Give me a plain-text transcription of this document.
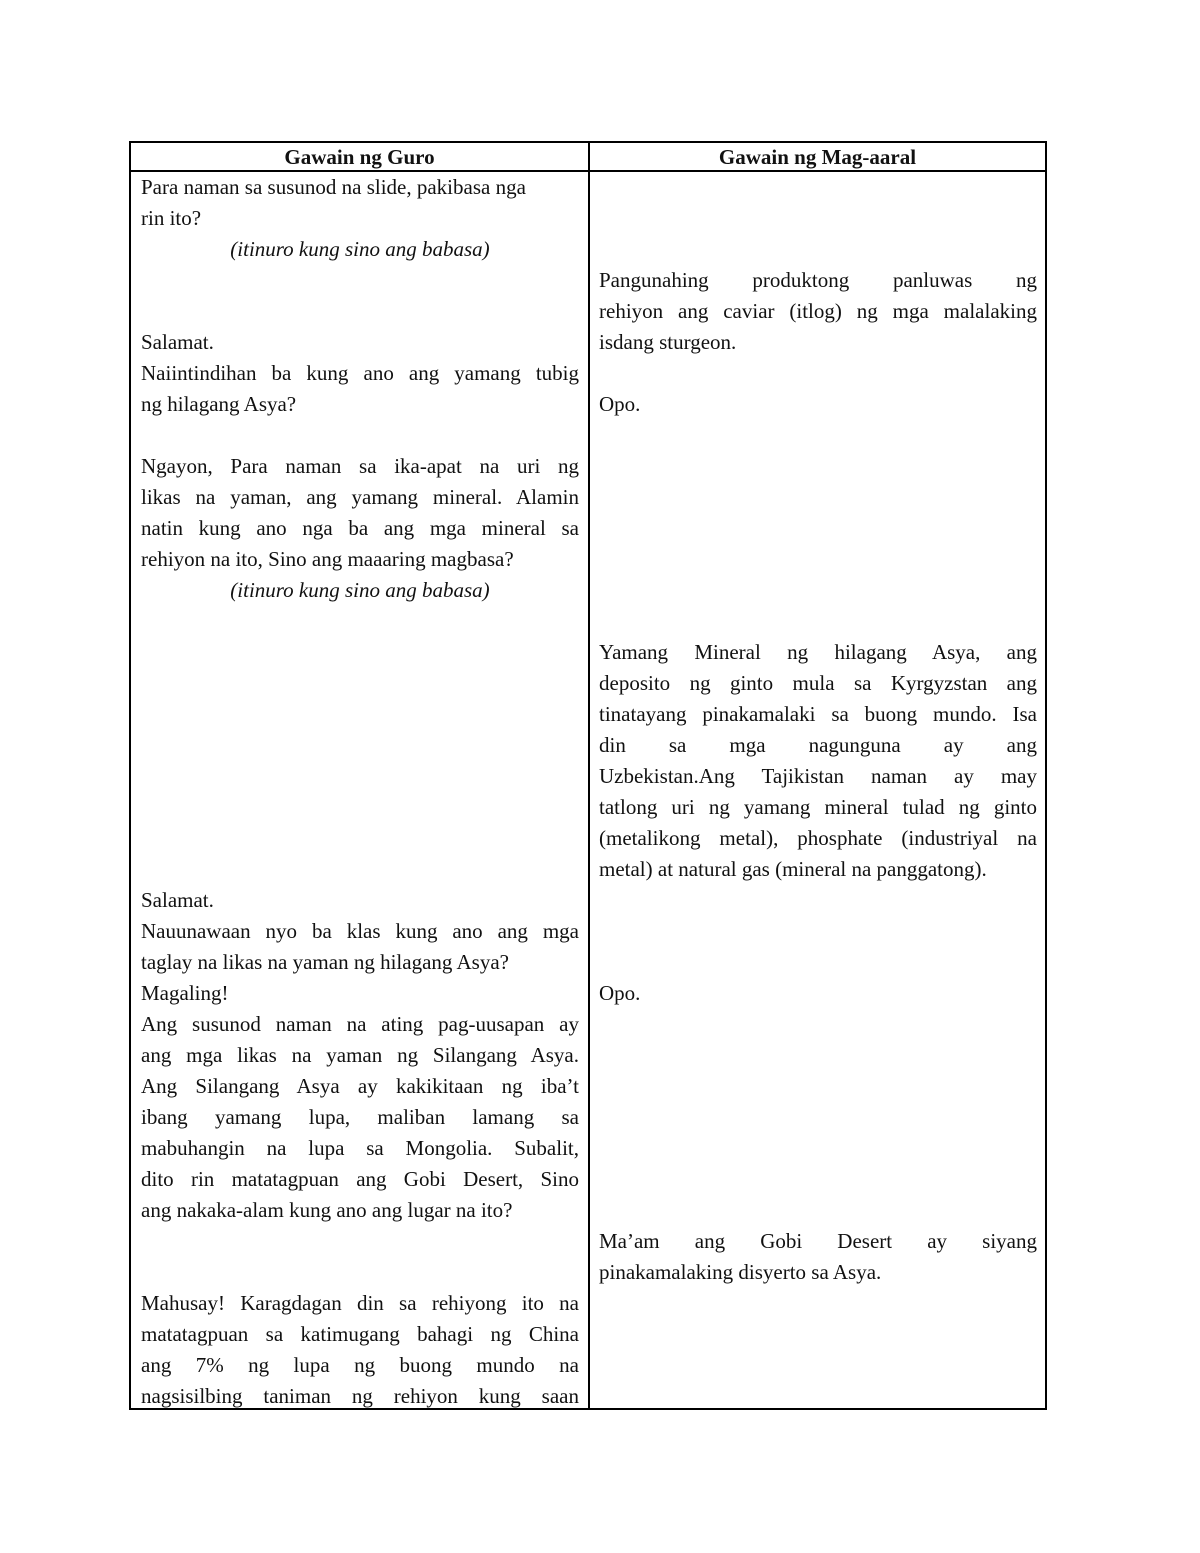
Gawain ng Guro	Gawain ng Mag-aaral
Para naman sa susunod na slide, pakibasa nga
rin ito?
(itinuro kung sino ang babasa)
Salamat.
Naiintindihan ba kung ano ang yamang tubig
ng hilagang Asya?
Ngayon, Para naman sa ika-apat na uri ng
likas na yaman, ang yamang mineral. Alamin
natin kung ano nga ba ang mga mineral sa
rehiyon na ito, Sino ang maaaring magbasa?
(itinuro kung sino ang babasa)
Salamat.
Nauunawaan nyo ba klas kung ano ang mga
taglay na likas na yaman ng hilagang Asya?
Magaling!
Ang susunod naman na ating pag-uusapan ay
ang mga likas na yaman ng Silangang Asya.
Ang Silangang Asya ay kakikitaan ng iba’t
ibang yamang lupa, maliban lamang sa
mabuhangin na lupa sa Mongolia. Subalit,
dito rin matatagpuan ang Gobi Desert, Sino
ang nakaka-alam kung ano ang lugar na ito?
Mahusay! Karagdagan din sa rehiyong ito na
matatagpuan sa katimugang bahagi ng China
ang 7% ng lupa ng buong mundo na
nagsisilbing taniman ng rehiyon kung saan
Pangunahing produktong panluwas ng
rehiyon ang caviar (itlog) ng mga malalaking
isdang sturgeon.
Opo.
Yamang Mineral ng hilagang Asya, ang
deposito ng ginto mula sa Kyrgyzstan ang
tinatayang pinakamalaki sa buong mundo. Isa
din sa mga nagunguna ay ang
Uzbekistan.Ang Tajikistan naman ay may
tatlong uri ng yamang mineral tulad ng ginto
(metalikong metal), phosphate (industriyal na
metal) at natural gas (mineral na panggatong).
Opo.
Ma’am ang Gobi Desert ay siyang
pinakamalaking disyerto sa Asya.
